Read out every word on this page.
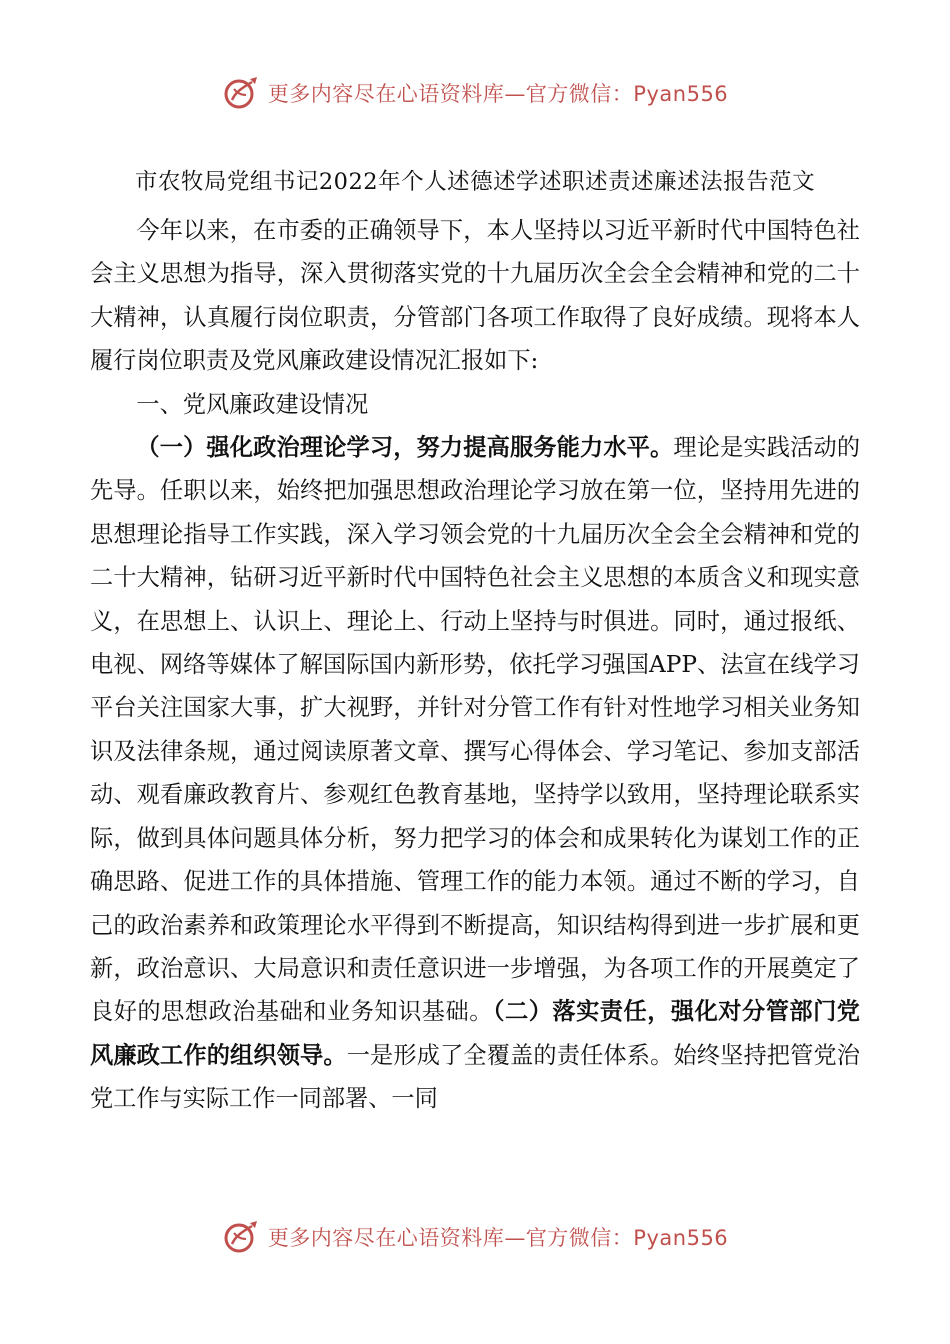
更多内容尽在心语资料库—官方微信：Pyan556
市农牧局党组书记2022年个人述德述学述职述责述廉述法报告范文

今年以来，在市委的正确领导下，本人坚持以习近平新时代中国特色社会主义思想为指导，深入贯彻落实党的十九届历次全会全会精神和党的二十大精神，认真履行岗位职责，分管部门各项工作取得了良好成绩。现将本人履行岗位职责及党风廉政建设情况汇报如下:

一、党风廉政建设情况

（一）强化政治理论学习，努力提高服务能力水平。理论是实践活动的先导。任职以来，始终把加强思想政治理论学习放在第一位，坚持用先进的思想理论指导工作实践，深入学习领会党的十九届历次全会全会精神和党的二十大精神，钻研习近平新时代中国特色社会主义思想的本质含义和现实意义，在思想上、认识上、理论上、行动上坚持与时俱进。同时，通过报纸、电视、网络等媒体了解国际国内新形势，依托学习强国APP、法宣在线学习平台关注国家大事，扩大视野，并针对分管工作有针对性地学习相关业务知识及法律条规，通过阅读原著文章、撰写心得体会、学习笔记、参加支部活动、观看廉政教育片、参观红色教育基地，坚持学以致用，坚持理论联系实际，做到具体问题具体分析，努力把学习的体会和成果转化为谋划工作的正确思路、促进工作的具体措施、管理工作的能力本领。通过不断的学习，自己的政治素养和政策理论水平得到不断提高，知识结构得到进一步扩展和更新，政治意识、大局意识和责任意识进一步增强，为各项工作的开展奠定了良好的思想政治基础和业务知识基础。（二）落实责任，强化对分管部门党风廉政工作的组织领导。一是形成了全覆盖的责任体系。始终坚持把管党治党工作与实际工作一同部署、一同

更多内容尽在心语资料库—官方微信：Pyan556
